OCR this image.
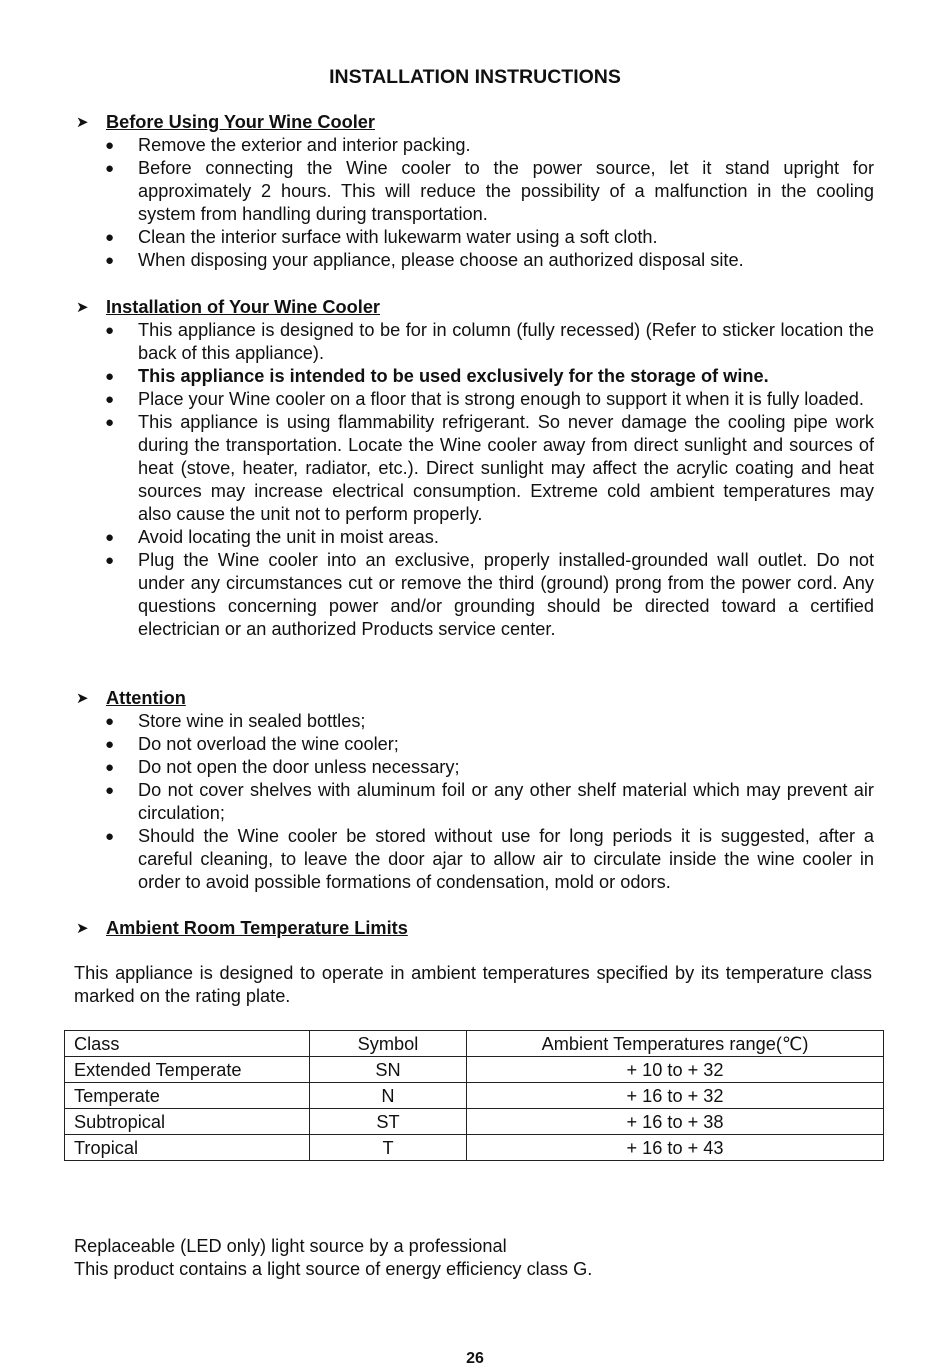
INSTALLATION INSTRUCTIONS
➤ Before Using Your Wine Cooler
● Remove the exterior and interior packing.
● Before connecting the Wine cooler to the power source, let it stand upright for approximately 2 hours. This will reduce the possibility of a malfunction in the cooling system from handling during transportation.
● Clean the interior surface with lukewarm water using a soft cloth.
● When disposing your appliance, please choose an authorized disposal site.
➤ Installation of Your Wine Cooler
● This appliance is designed to be for in column (fully recessed) (Refer to sticker location the back of this appliance).
● This appliance is intended to be used exclusively for the storage of wine.
● Place your Wine cooler on a floor that is strong enough to support it when it is fully loaded.
● This appliance is using flammability refrigerant. So never damage the cooling pipe work during the transportation. Locate the Wine cooler away from direct sunlight and sources of heat (stove, heater, radiator, etc.). Direct sunlight may affect the acrylic coating and heat sources may increase electrical consumption. Extreme cold ambient temperatures may also cause the unit not to perform properly.
● Avoid locating the unit in moist areas.
● Plug the Wine cooler into an exclusive, properly installed-grounded wall outlet. Do not under any circumstances cut or remove the third (ground) prong from the power cord. Any questions concerning power and/or grounding should be directed toward a certified electrician or an authorized Products service center.
➤ Attention
● Store wine in sealed bottles;
● Do not overload the wine cooler;
● Do not open the door unless necessary;
● Do not cover shelves with aluminum foil or any other shelf material which may prevent air circulation;
● Should the Wine cooler be stored without use for long periods it is suggested, after a careful cleaning, to leave the door ajar to allow air to circulate inside the wine cooler in order to avoid possible formations of condensation, mold or odors.
➤ Ambient Room Temperature Limits
This appliance is designed to operate in ambient temperatures specified by its temperature class marked on the rating plate.
Class	Symbol	Ambient Temperatures range(℃)
Extended Temperate	SN	+ 10 to + 32
Temperate	N	+ 16 to + 32
Subtropical	ST	+ 16 to + 38
Tropical	T	+ 16 to + 43
Replaceable (LED only) light source by a professional
This product contains a light source of energy efficiency class G.
26
